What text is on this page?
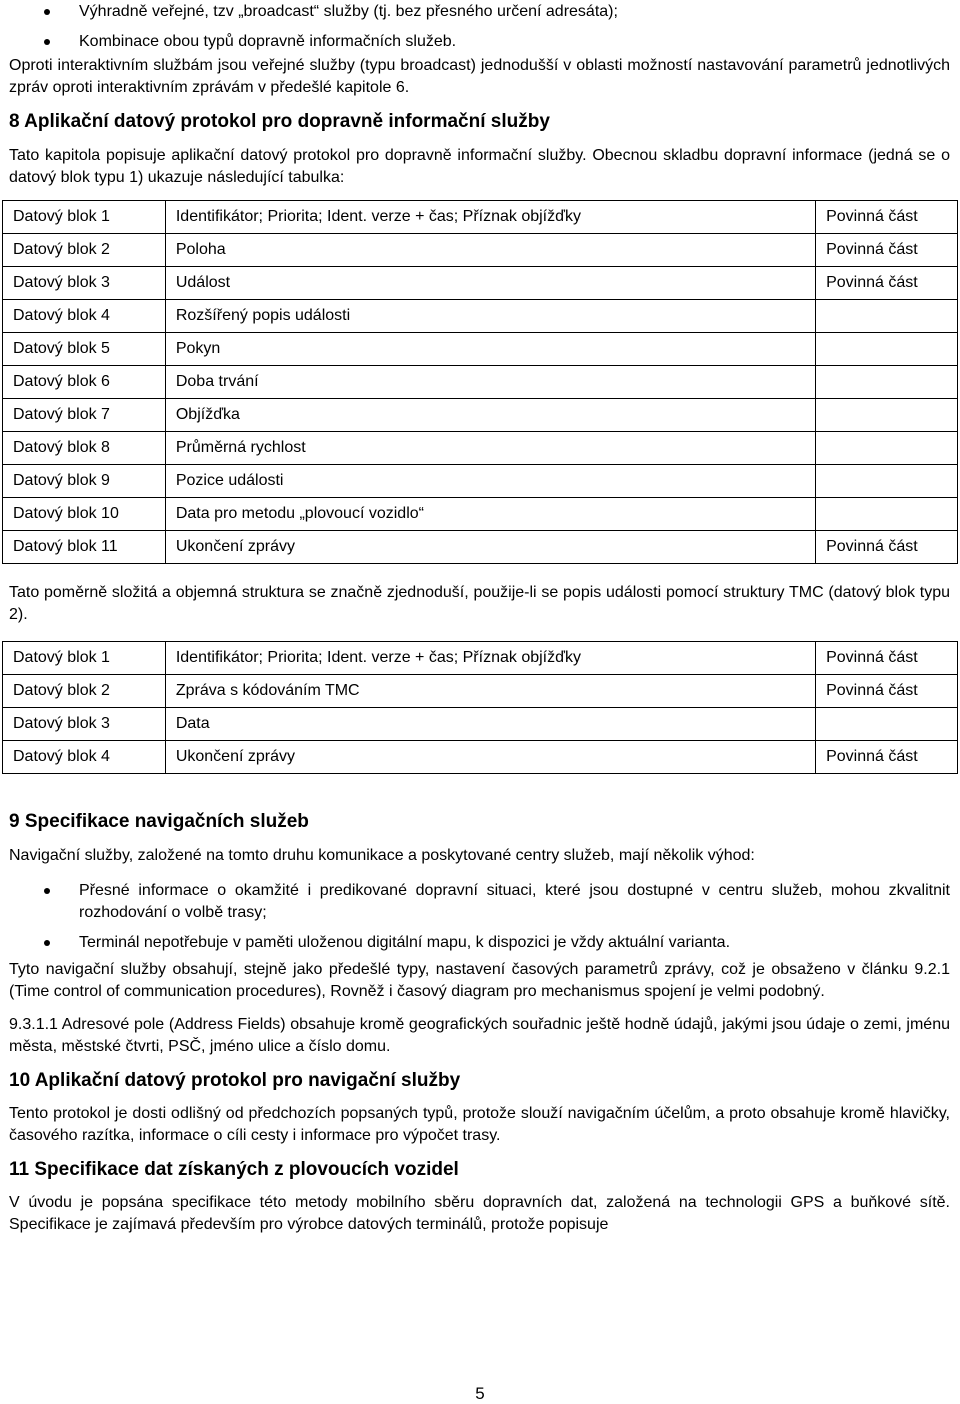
Výhradně veřejné, tzv „broadcast“ služby (tj. bez přesného určení adresáta);
Kombinace obou typů dopravně informačních služeb.

Oproti interaktivním službám jsou veřejné služby (typu broadcast) jednodušší v oblasti možností nastavování parametrů jednotlivých zpráv oproti interaktivním zprávám v předešlé kapitole 6.

8 Aplikační datový protokol pro dopravně informační služby

Tato kapitola popisuje aplikační datový protokol pro dopravně informační služby. Obecnou skladbu dopravní informace (jedná se o datový blok typu 1) ukazuje následující tabulka:

Datový blok 1	Identifikátor; Priorita; Ident. verze + čas; Příznak objížďky	Povinná část
Datový blok 2	Poloha	Povinná část
Datový blok 3	Událost	Povinná část
Datový blok 4	Rozšířený popis události	
Datový blok 5	Pokyn	
Datový blok 6	Doba trvání	
Datový blok 7	Objížďka	
Datový blok 8	Průměrná rychlost	
Datový blok 9	Pozice události	
Datový blok 10	Data pro metodu „plovoucí vozidlo“	
Datový blok 11	Ukončení zprávy	Povinná část

Tato poměrně složitá a objemná struktura se značně zjednoduší, použije-li se popis události pomocí struktury TMC (datový blok typu 2).

Datový blok 1	Identifikátor; Priorita; Ident. verze + čas; Příznak objížďky	Povinná část
Datový blok 2	Zpráva s kódováním TMC	Povinná část
Datový blok 3	Data	
Datový blok 4	Ukončení zprávy	Povinná část
9 Specifikace navigačních služeb

Navigační služby, založené na tomto druhu komunikace a poskytované centry služeb, mají několik výhod:

Přesné informace o okamžité i predikované dopravní situaci, které jsou dostupné v centru služeb, mohou zkvalitnit rozhodování o volbě trasy;
Terminál nepotřebuje v paměti uloženou digitální mapu, k dispozici je vždy aktuální varianta.

Tyto navigační služby obsahují, stejně jako předešlé typy, nastavení časových parametrů zprávy, což je obsaženo v článku 9.2.1 (Time control of communication procedures), Rovněž i časový diagram pro mechanismus spojení je velmi podobný.

9.3.1.1 Adresové pole (Address Fields) obsahuje kromě geografických souřadnic ještě hodně údajů, jakými jsou údaje o zemi, jménu města, městské čtvrti, PSČ, jméno ulice a číslo domu.

10 Aplikační datový protokol pro navigační služby

Tento protokol je dosti odlišný od předchozích popsaných typů, protože slouží navigačním účelům, a proto obsahuje kromě hlavičky, časového razítka, informace o cíli cesty i informace pro výpočet trasy.

11 Specifikace dat získaných z plovoucích vozidel

V úvodu je popsána specifikace této metody mobilního sběru dopravních dat, založená na technologii GPS a buňkové sítě. Specifikace je zajímavá především pro výrobce datových terminálů, protože popisuje

5
